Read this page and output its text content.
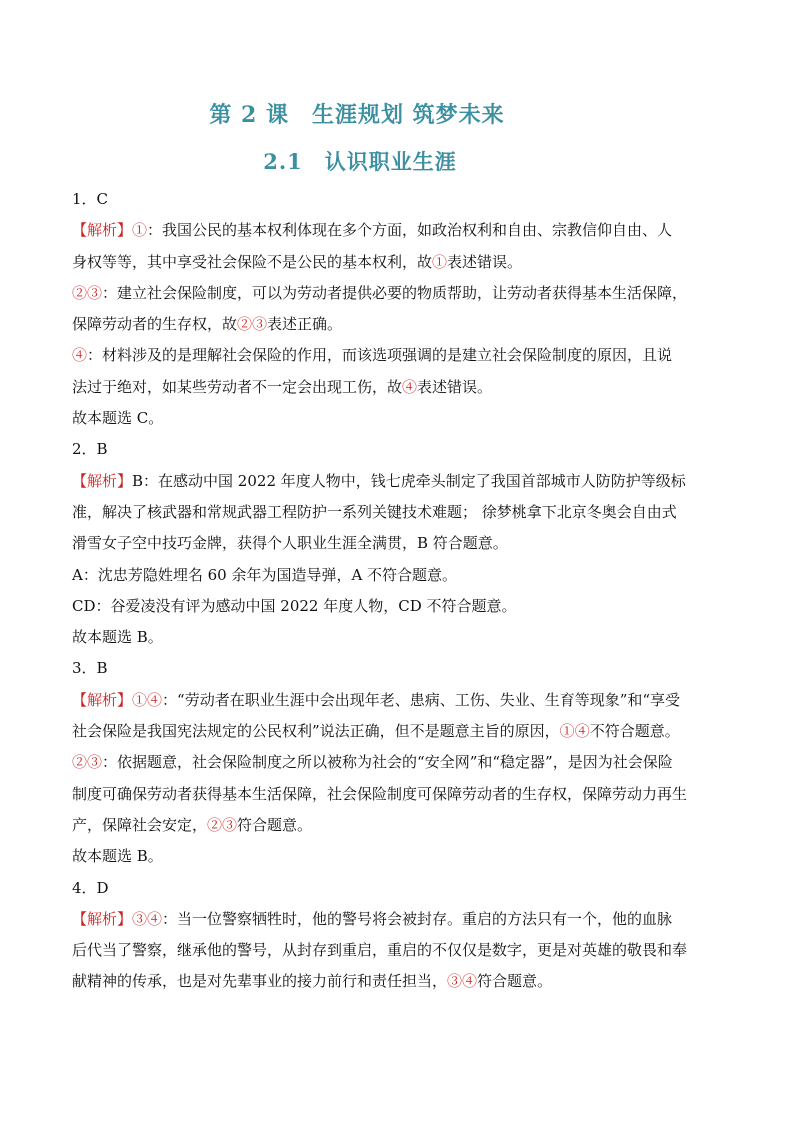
第 2 课　生涯规划 筑梦未来
2.1　认识职业生涯
1．C
【解析】①：我国公民的基本权利体现在多个方面，如政治权利和自由、宗教信仰自由、人
身权等等，其中享受社会保险不是公民的基本权利，故①表述错误。
②③：建立社会保险制度，可以为劳动者提供必要的物质帮助，让劳动者获得基本生活保障，
保障劳动者的生存权，故②③表述正确。
④：材料涉及的是理解社会保险的作用，而该选项强调的是建立社会保险制度的原因，且说
法过于绝对，如某些劳动者不一定会出现工伤，故④表述错误。
故本题选 C。
2．B
【解析】B：在感动中国 2022 年度人物中，钱七虎牵头制定了我国首部城市人防防护等级标
准，解决了核武器和常规武器工程防护一系列关键技术难题； 徐梦桃拿下北京冬奥会自由式
滑雪女子空中技巧金牌，获得个人职业生涯全满贯，B 符合题意。
A：沈忠芳隐姓埋名 60 余年为国造导弹，A 不符合题意。
CD：谷爱凌没有评为感动中国 2022 年度人物，CD 不符合题意。
故本题选 B。
3．B
【解析】①④：“劳动者在职业生涯中会出现年老、患病、工伤、失业、生育等现象”和“享受
社会保险是我国宪法规定的公民权利”说法正确，但不是题意主旨的原因，①④不符合题意。
②③：依据题意，社会保险制度之所以被称为社会的“安全网”和“稳定器”，是因为社会保险
制度可确保劳动者获得基本生活保障，社会保险制度可保障劳动者的生存权，保障劳动力再生
产，保障社会安定，②③符合题意。
故本题选 B。
4．D
【解析】③④：当一位警察牺牲时，他的警号将会被封存。重启的方法只有一个，他的血脉
后代当了警察，继承他的警号，从封存到重启，重启的不仅仅是数字，更是对英雄的敬畏和奉
献精神的传承，也是对先辈事业的接力前行和责任担当，③④符合题意。
